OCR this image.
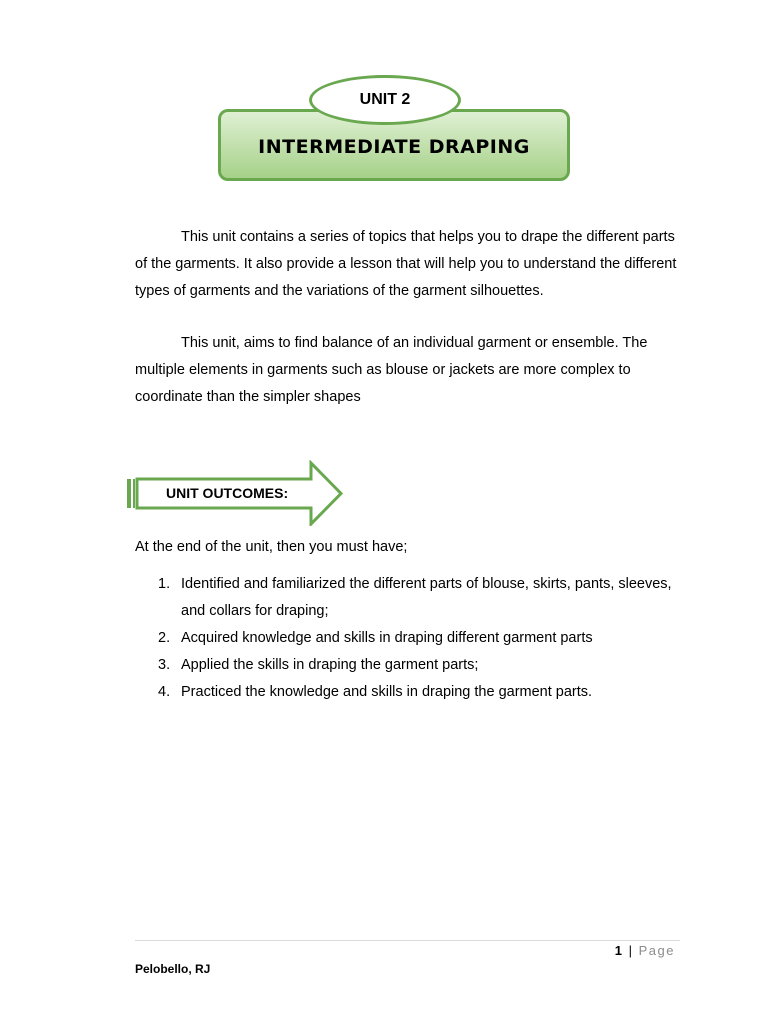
INTERMEDIATE DRAPING
UNIT 2

This unit contains a series of topics that helps you to drape the different parts of the garments. It also provide a lesson that will help you to understand the different types of garments and the variations of the garment silhouettes.

This unit, aims to find balance of an individual garment or ensemble. The multiple elements in garments such as blouse or jackets are more complex to coordinate than the simpler shapes

UNIT OUTCOMES:

At the end of the unit, then you must have;

1. Identified and familiarized the different parts of blouse, skirts, pants, sleeves, and collars for draping;
2. Acquired knowledge and skills in draping different garment parts
3. Applied the skills in draping the garment parts;
4. Practiced the knowledge and skills in draping the garment parts.
1 | Page
Pelobello, RJ
